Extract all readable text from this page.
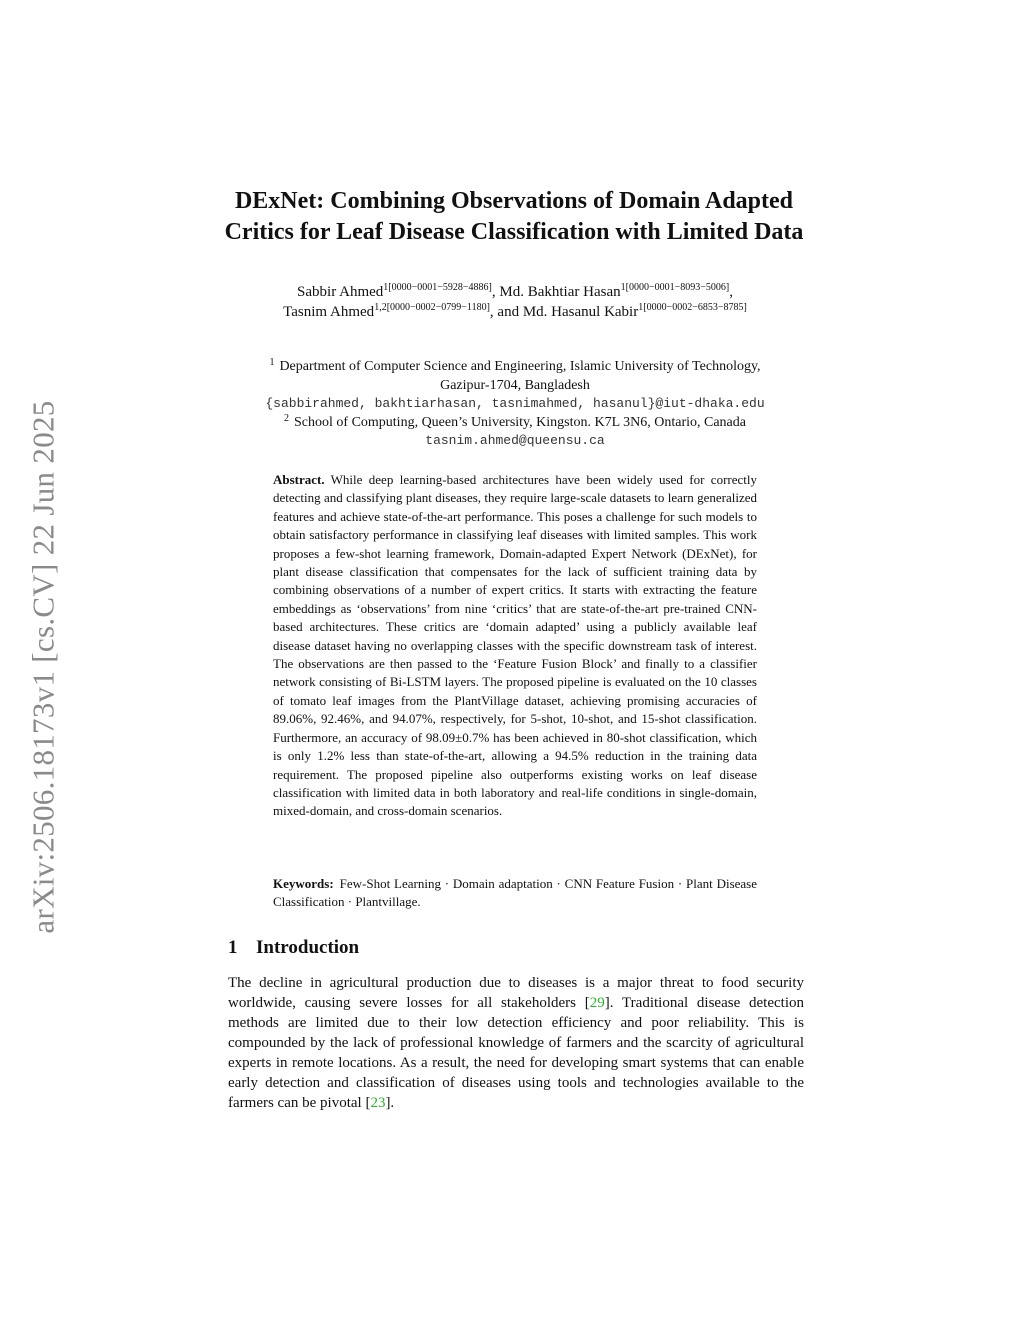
arXiv:2506.18173v1 [cs.CV] 22 Jun 2025
DExNet: Combining Observations of Domain Adapted
Critics for Leaf Disease Classification with Limited Data
Sabbir Ahmed$^{1[0000-0001-5928-4886]}$, Md. Bakhtiar Hasan$^{1[0000-0001-8093-5006]}$,
Tasnim Ahmed$^{1,2[0000-0002-0799-1180]}$, and Md. Hasanul Kabir$^{1[0000-0002-6853-8785]}$
$^1$ Department of Computer Science and Engineering, Islamic University of Technology,
Gazipur-1704, Bangladesh
{sabbirahmed, bakhtiarhasan, tasnimahmed, hasanul}@iut-dhaka.edu
$^2$ School of Computing, Queen’s University, Kingston. K7L 3N6, Ontario, Canada
tasnim.ahmed@queensu.ca

Abstract. While deep learning-based architectures have been widely used for correctly detecting and classifying plant diseases, they require large-scale datasets to learn generalized features and achieve state-of-the-art performance. This poses a challenge for such models to obtain satisfactory performance in classifying leaf diseases with limited samples. This work proposes a few-shot learning framework, Domain-adapted Expert Network (DExNet), for plant disease classification that compensates for the lack of sufficient training data by combining observations of a number of expert critics. It starts with extracting the feature embeddings as ‘observations’ from nine ‘critics’ that are state-of-the-art pre-trained CNN-based architectures. These critics are ‘domain adapted’ using a publicly available leaf disease dataset having no overlapping classes with the specific downstream task of interest. The observations are then passed to the ‘Feature Fusion Block’ and finally to a classifier network consisting of Bi-LSTM layers. The proposed pipeline is evaluated on the 10 classes of tomato leaf images from the PlantVillage dataset, achieving promising accuracies of 89.06%, 92.46%, and 94.07%, respectively, for 5-shot, 10-shot, and 15-shot classification. Furthermore, an accuracy of 98.09±0.7% has been achieved in 80-shot classification, which is only 1.2% less than state-of-the-art, allowing a 94.5% reduction in the training data requirement. The proposed pipeline also outperforms existing works on leaf disease classification with limited data in both laboratory and real-life conditions in single-domain, mixed-domain, and cross-domain scenarios.

Keywords: Few-Shot Learning · Domain adaptation · CNN Feature Fusion · Plant Disease Classification · Plantvillage.

1 Introduction

The decline in agricultural production due to diseases is a major threat to food security worldwide, causing severe losses for all stakeholders [29]. Traditional disease detection methods are limited due to their low detection efficiency and poor reliability. This is compounded by the lack of professional knowledge of farmers and the scarcity of agricultural experts in remote locations. As a result, the need for developing smart systems that can enable early detection and classification of diseases using tools and technologies available to the farmers can be pivotal [23].
